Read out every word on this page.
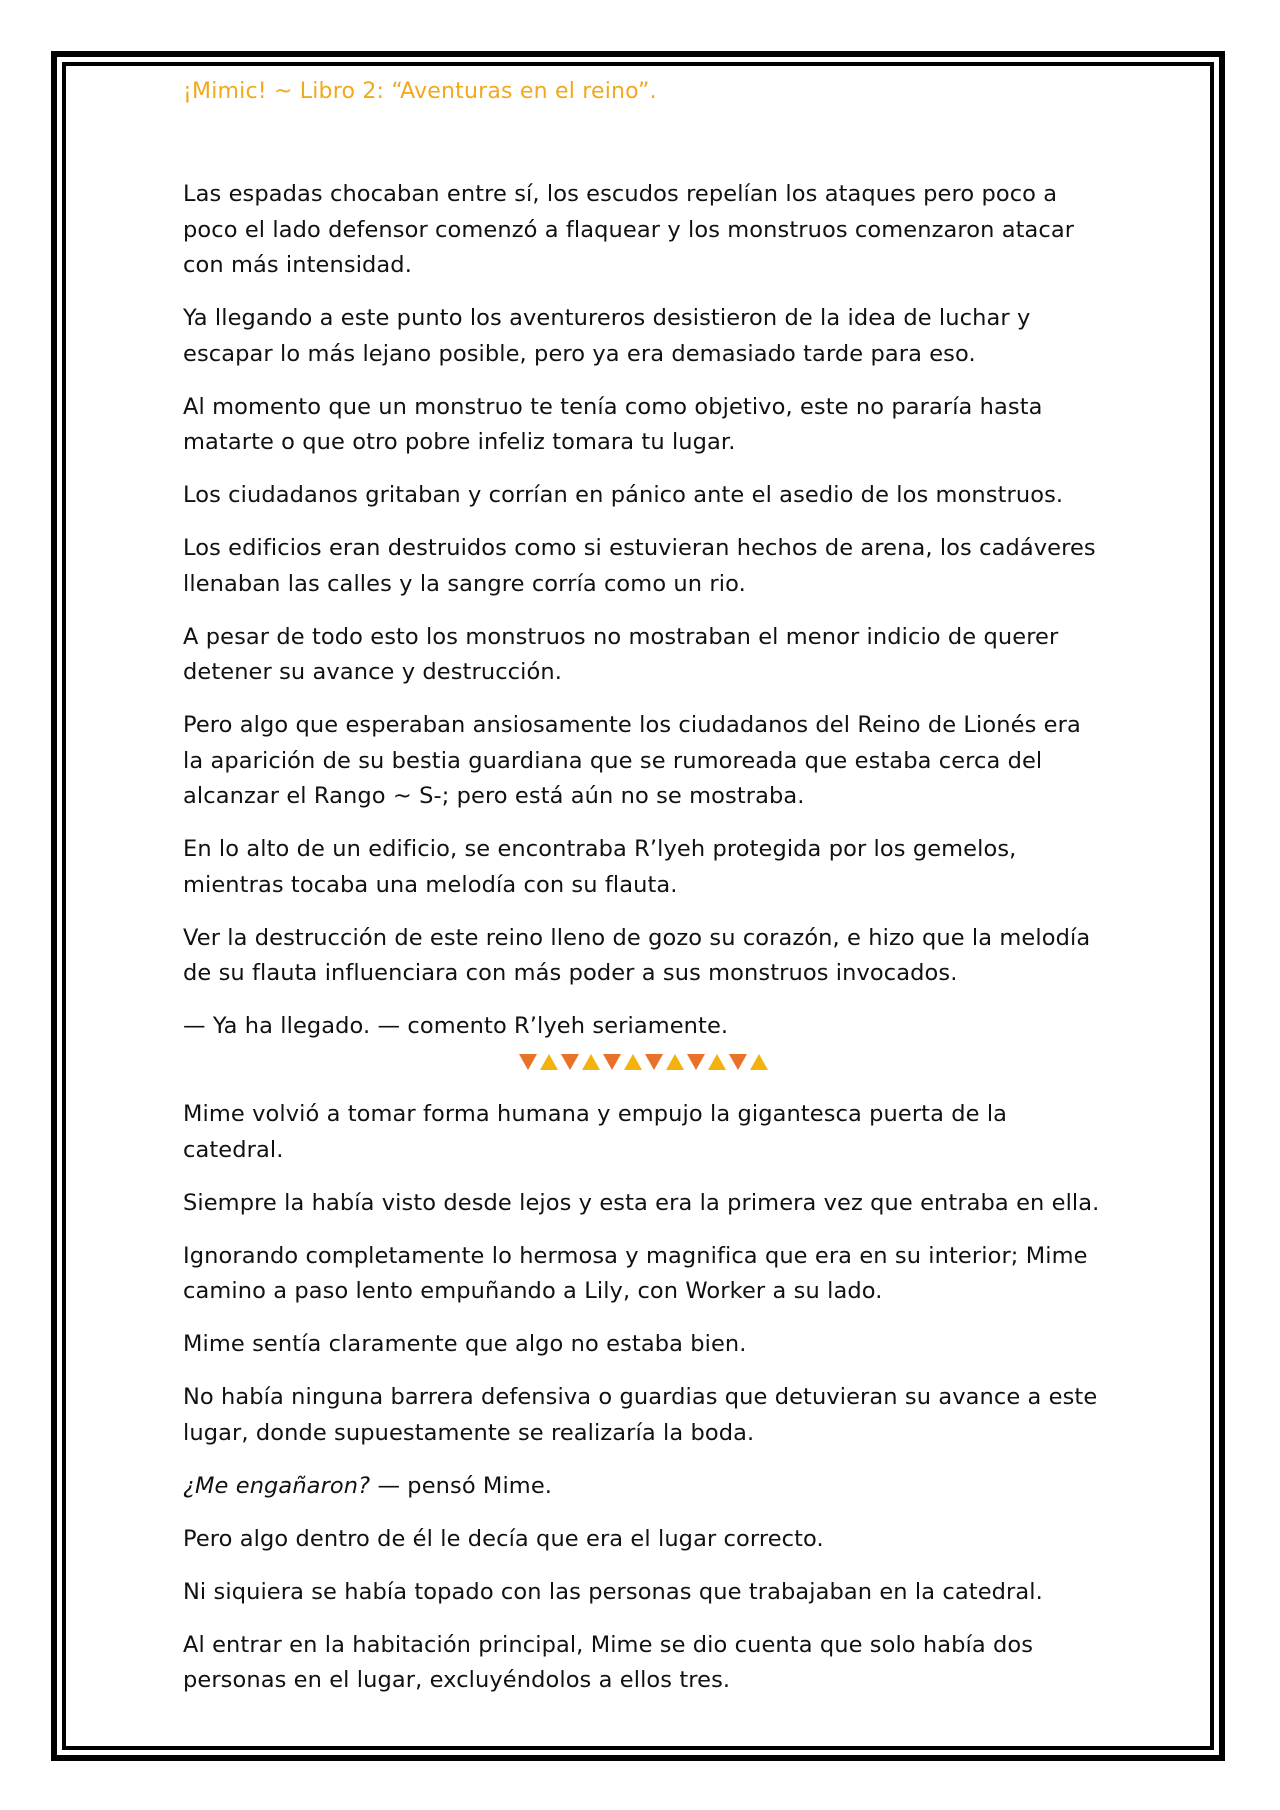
¡Mimic! ~ Libro 2: “Aventuras en el reino”.

Las espadas chocaban entre sí, los escudos repelían los ataques pero poco a poco el lado defensor comenzó a flaquear y los monstruos comenzaron atacar con más intensidad.

Ya llegando a este punto los aventureros desistieron de la idea de luchar y escapar lo más lejano posible, pero ya era demasiado tarde para eso.

Al momento que un monstruo te tenía como objetivo, este no pararía hasta matarte o que otro pobre infeliz tomara tu lugar.

Los ciudadanos gritaban y corrían en pánico ante el asedio de los monstruos.

Los edificios eran destruidos como si estuvieran hechos de arena, los cadáveres llenaban las calles y la sangre corría como un rio.

A pesar de todo esto los monstruos no mostraban el menor indicio de querer detener su avance y destrucción.

Pero algo que esperaban ansiosamente los ciudadanos del Reino de Lionés era la aparición de su bestia guardiana que se rumoreada que estaba cerca del alcanzar el Rango ~ S-; pero está aún no se mostraba.

En lo alto de un edificio, se encontraba R’lyeh protegida por los gemelos, mientras tocaba una melodía con su flauta.

Ver la destrucción de este reino lleno de gozo su corazón, e hizo que la melodía de su flauta influenciara con más poder a sus monstruos invocados.

— Ya ha llegado. — comento R’lyeh seriamente.

Mime volvió a tomar forma humana y empujo la gigantesca puerta de la catedral.

Siempre la había visto desde lejos y esta era la primera vez que entraba en ella.

Ignorando completamente lo hermosa y magnifica que era en su interior; Mime camino a paso lento empuñando a Lily, con Worker a su lado.

Mime sentía claramente que algo no estaba bien.

No había ninguna barrera defensiva o guardias que detuvieran su avance a este lugar, donde supuestamente se realizaría la boda.

¿Me engañaron? — pensó Mime.

Pero algo dentro de él le decía que era el lugar correcto.

Ni siquiera se había topado con las personas que trabajaban en la catedral.

Al entrar en la habitación principal, Mime se dio cuenta que solo había dos personas en el lugar, excluyéndolos a ellos tres.
